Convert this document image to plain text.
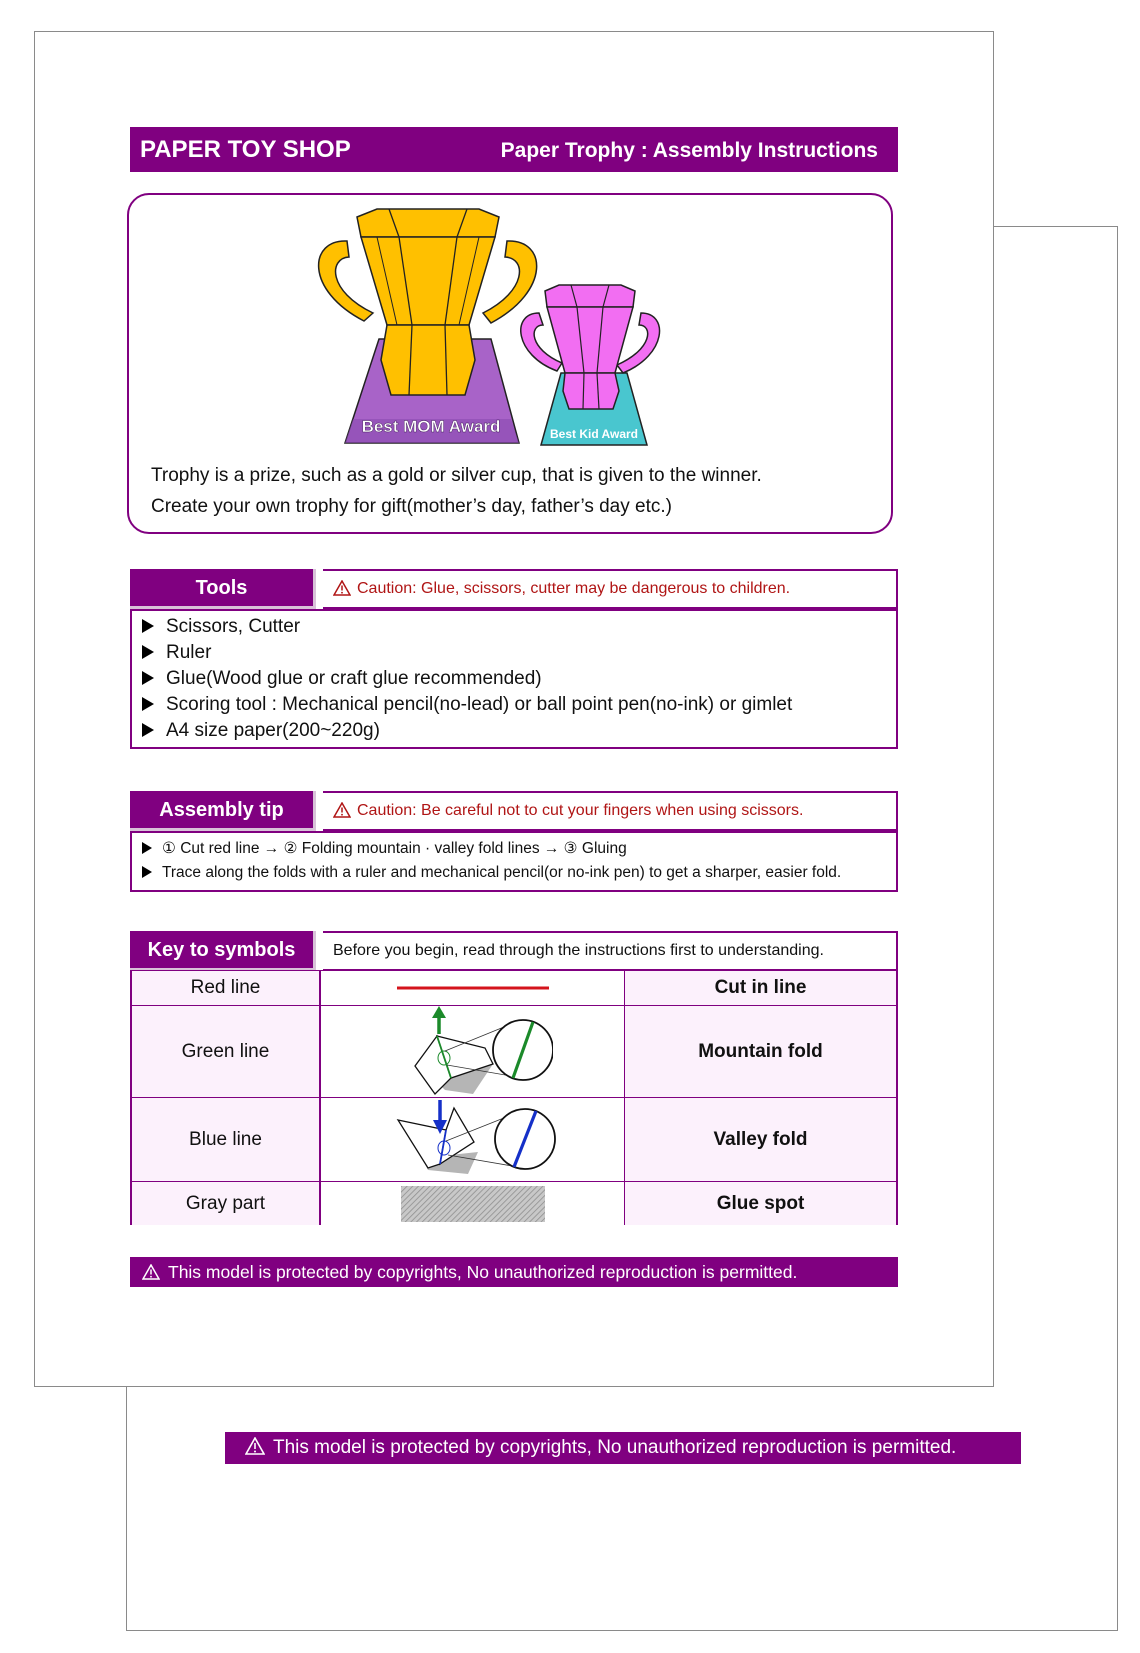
This model is protected by copyrights, No unauthorized reproduction is permitted.
PAPER TOY SHOP	Paper Trophy : Assembly Instructions
Best MOM Award	Best Kid Award
Trophy is a prize, such as a gold or silver cup, that is given to the winner.
Create your own trophy for gift(mother’s day, father’s day etc.)
Tools	Caution: Glue, scissors, cutter may be dangerous to children.
Scissors, Cutter
Ruler
Glue(Wood glue or craft glue recommended)
Scoring tool : Mechanical pencil(no-lead) or ball point pen(no-ink) or gimlet
A4 size paper(200~220g)
Assembly tip	Caution: Be careful not to cut your fingers when using scissors.
① Cut red line → ② Folding mountain · valley fold lines → ③ Gluing
Trace along the folds with a ruler and mechanical pencil(or no-ink pen) to get a sharper, easier fold.
Key to symbols	Before you begin, read through the instructions first to understanding.
Red line	Cut in line
Green line	Mountain fold
Blue line	Valley fold
Gray part	Glue spot
This model is protected by copyrights, No unauthorized reproduction is permitted.
